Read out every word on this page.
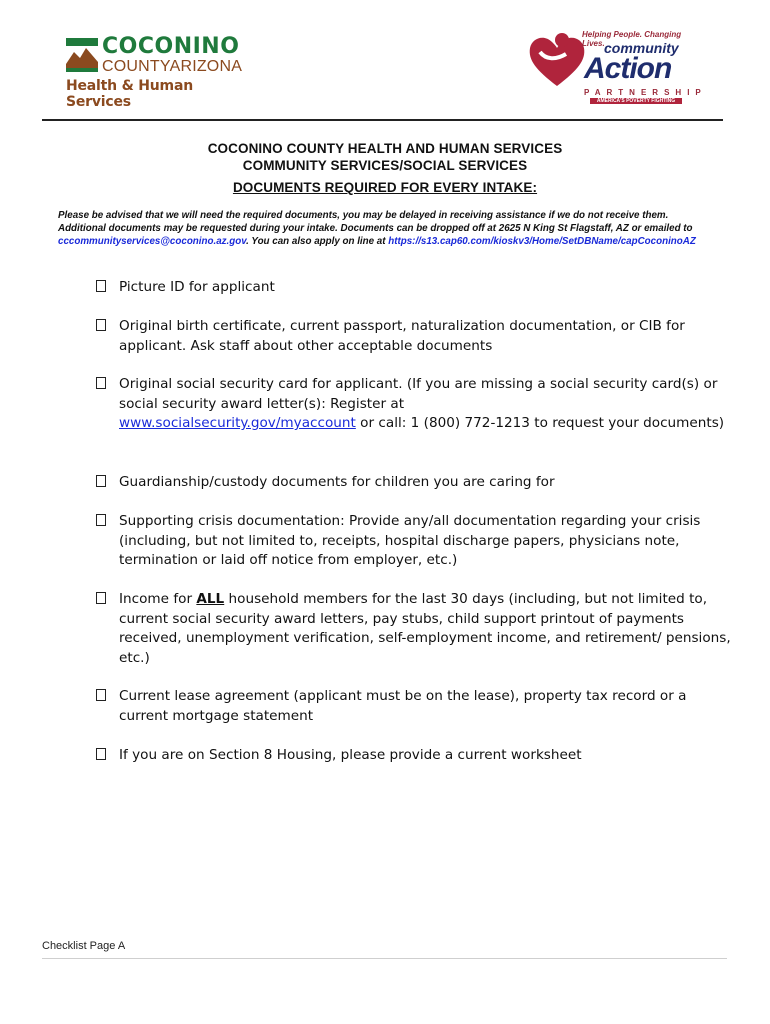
COCONINO
COUNTYARIZONA
Health & Human Services
Helping People. Changing Lives. community
Action
PARTNERSHIP
AMERICA'S POVERTY FIGHTING NETWORK
COCONINO COUNTY HEALTH AND HUMAN SERVICES
COMMUNITY SERVICES/SOCIAL SERVICES
DOCUMENTS REQUIRED FOR EVERY INTAKE:
Please be advised that we will need the required documents, you may be delayed in receiving assistance if we do not receive them. Additional documents may be requested during your intake. Documents can be dropped off at 2625 N King St Flagstaff, AZ or emailed to cccommunityservices@coconino.az.gov. You can also apply on line at https://s13.cap60.com/kioskv3/Home/SetDBName/capCoconinoAZ
Picture ID for applicant
Original birth certificate, current passport, naturalization documentation, or CIB for applicant. Ask staff about other acceptable documents
Original social security card for applicant. (If you are missing a social security card(s) or social security award letter(s): Register at
www.socialsecurity.gov/myaccount or call: 1 (800) 772-1213 to request your documents)
Guardianship/custody documents for children you are caring for
Supporting crisis documentation: Provide any/all documentation regarding your crisis (including, but not limited to, receipts, hospital discharge papers, physicians note, termination or laid off notice from employer, etc.)
Income for ALL household members for the last 30 days (including, but not limited to, current social security award letters, pay stubs, child support printout of payments received, unemployment verification, self-employment income, and retirement/ pensions, etc.)
Current lease agreement (applicant must be on the lease), property tax record or a current mortgage statement
If you are on Section 8 Housing, please provide a current worksheet
Checklist Page A
